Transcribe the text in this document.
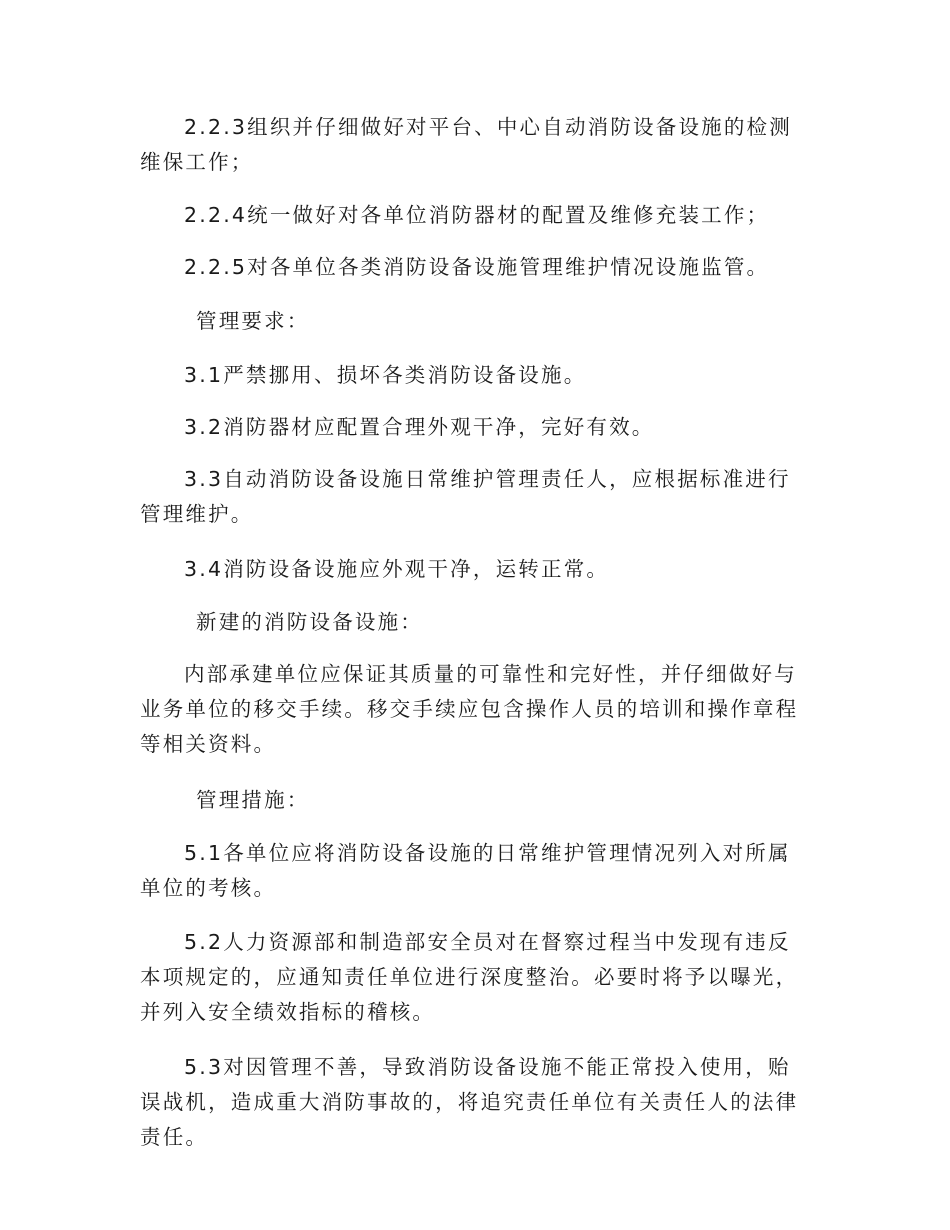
2.2.3组织并仔细做好对平台、中心自动消防设备设施的检测维保工作；

2.2.4统一做好对各单位消防器材的配置及维修充装工作；

2.2.5对各单位各类消防设备设施管理维护情况设施监管。

管理要求：

3.1严禁挪用、损坏各类消防设备设施。

3.2消防器材应配置合理外观干净，完好有效。

3.3自动消防设备设施日常维护管理责任人，应根据标准进行管理维护。

3.4消防设备设施应外观干净，运转正常。

新建的消防设备设施：

内部承建单位应保证其质量的可靠性和完好性，并仔细做好与业务单位的移交手续。移交手续应包含操作人员的培训和操作章程等相关资料。

管理措施：

5.1各单位应将消防设备设施的日常维护管理情况列入对所属单位的考核。

5.2人力资源部和制造部安全员对在督察过程当中发现有违反本项规定的，应通知责任单位进行深度整治。必要时将予以曝光，并列入安全绩效指标的稽核。

5.3对因管理不善，导致消防设备设施不能正常投入使用，贻误战机，造成重大消防事故的，将追究责任单位有关责任人的法律责任。
